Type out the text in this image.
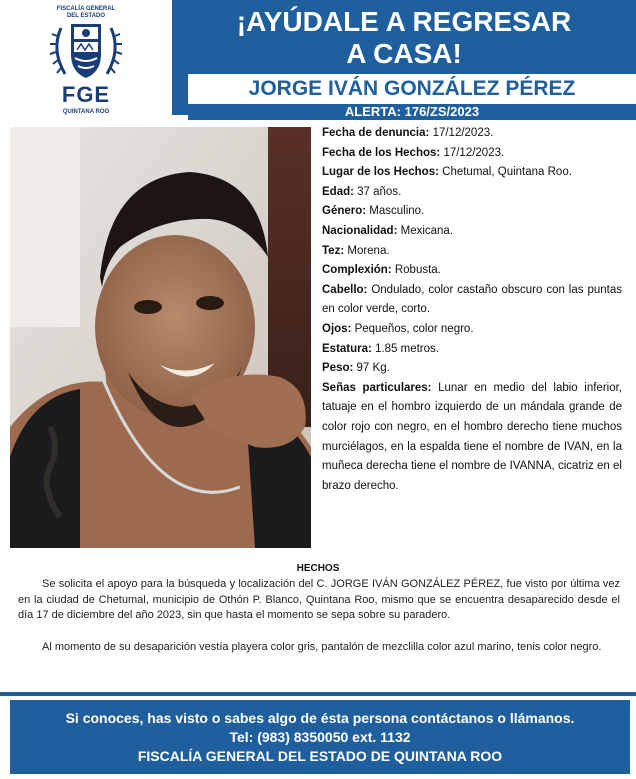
FISCALÍA GENERAL
DEL ESTADO
FGE
QUINTANA ROO
¡AYÚDALE A REGRESAR
A CASA!
JORGE IVÁN GONZÁLEZ PÉREZ
ALERTA: 176/ZS/2023

Fecha de denuncia: 17/12/2023.

Fecha de los Hechos: 17/12/2023.

Lugar de los Hechos: Chetumal, Quintana Roo.

Edad: 37 años.

Género: Masculino.

Nacionalidad: Mexicana.

Tez: Morena.

Complexión: Robusta.

Cabello: Ondulado, color castaño obscuro con las puntas en color verde, corto.

Ojos: Pequeños, color negro.

Estatura: 1.85 metros.

Peso: 97 Kg.

Señas particulares: Lunar en medio del labio inferior, tatuaje en el hombro izquierdo de un mándala grande de color rojo con negro, en el hombro derecho tiene muchos murciélagos, en la espalda tiene el nombre de IVAN, en la muñeca derecha tiene el nombre de IVANNA, cicatriz en el brazo derecho.

HECHOS

Se solicita el apoyo para la búsqueda y localización del C. JORGE IVÁN GONZÁLEZ PÉREZ, fue visto por última vez en la ciudad de Chetumal, municipio de Othón P. Blanco, Quintana Roo, mismo que se encuentra desaparecido desde el día 17 de diciembre del año 2023, sin que hasta el momento se sepa sobre su paradero.

Al momento de su desaparición vestía playera color gris, pantalón de mezclilla color azul marino, tenis color negro.

Si conoces, has visto o sabes algo de ésta persona contáctanos o llámanos.
Tel: (983) 8350050 ext. 1132
FISCALÍA GENERAL DEL ESTADO DE QUINTANA ROO
